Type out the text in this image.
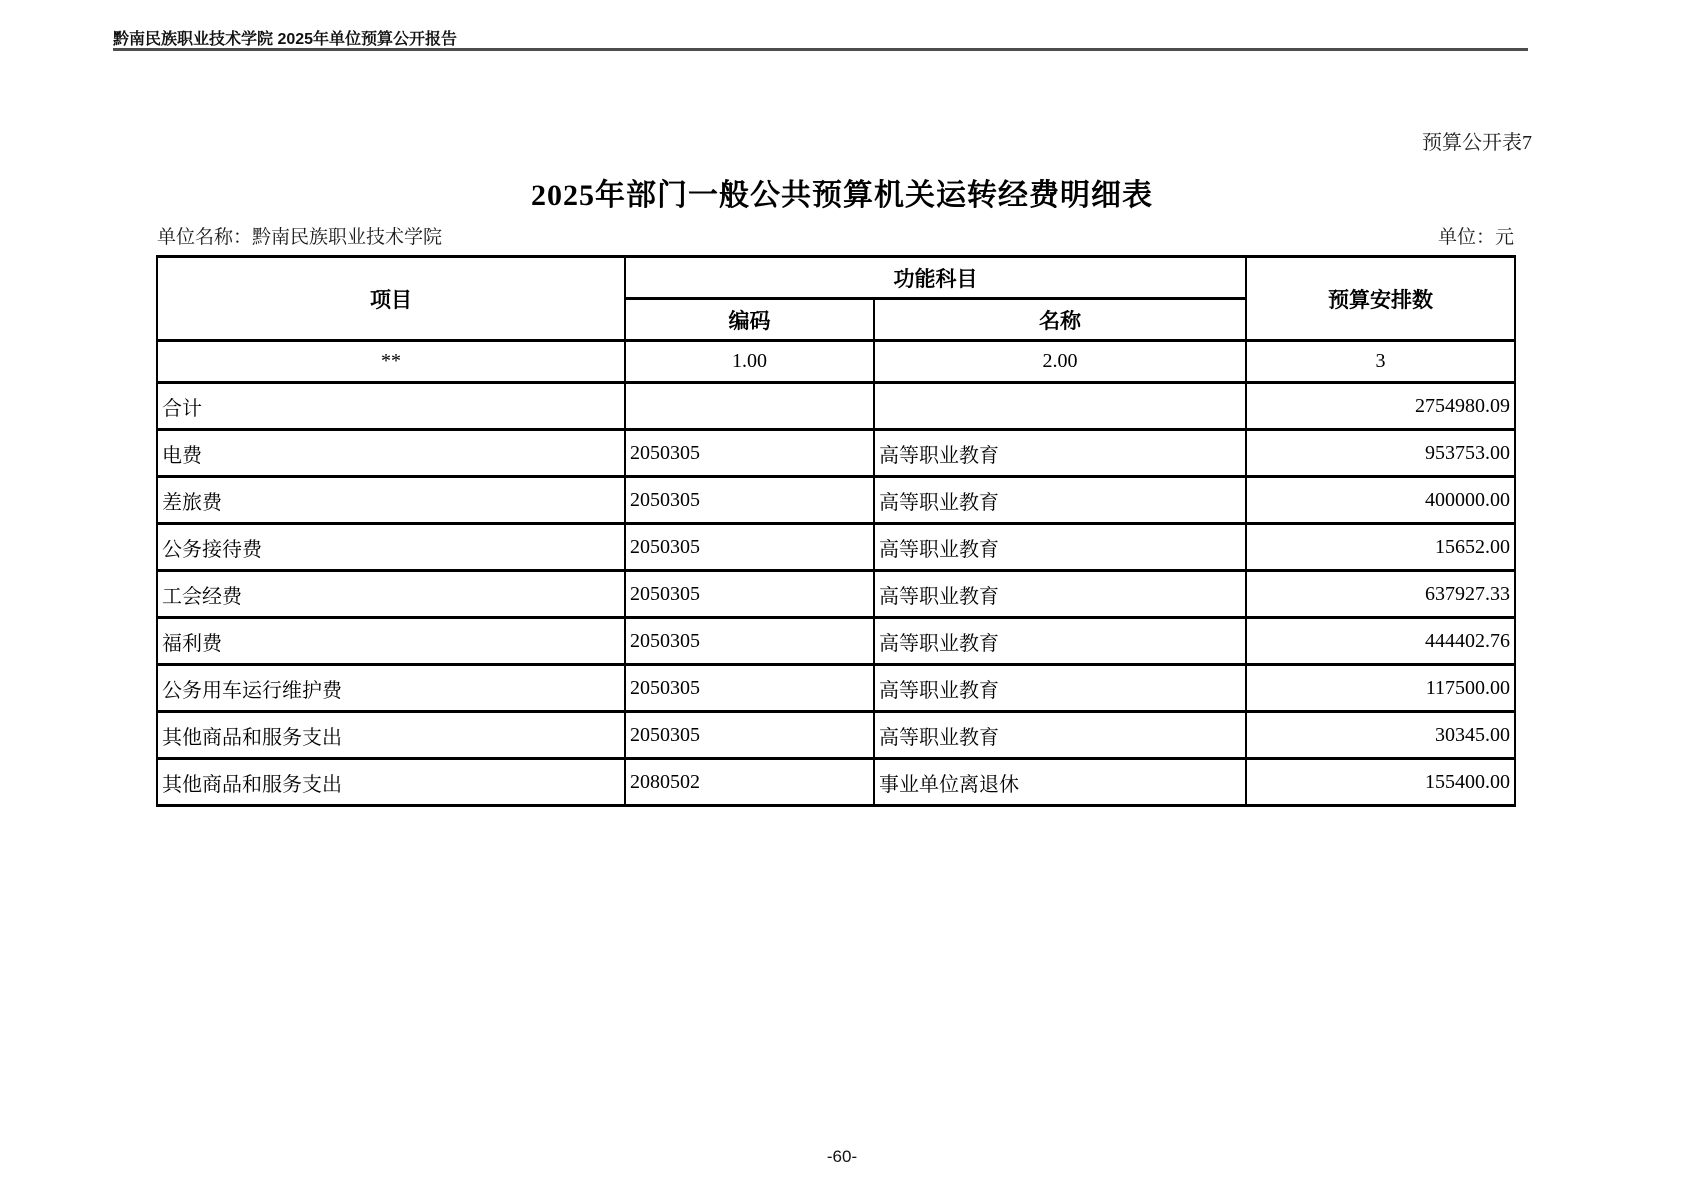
黔南民族职业技术学院 2025年单位预算公开报告
预算公开表7
2025年部门一般公共预算机关运转经费明细表
单位名称：黔南民族职业技术学院	单位：元
项目	功能科目		预算安排数
	编码	名称	
**	1.00	2.00	3
合计			2754980.09
电费	2050305	高等职业教育	953753.00
差旅费	2050305	高等职业教育	400000.00
公务接待费	2050305	高等职业教育	15652.00
工会经费	2050305	高等职业教育	637927.33
福利费	2050305	高等职业教育	444402.76
公务用车运行维护费	2050305	高等职业教育	117500.00
其他商品和服务支出	2050305	高等职业教育	30345.00
其他商品和服务支出	2080502	事业单位离退休	155400.00
-60-
